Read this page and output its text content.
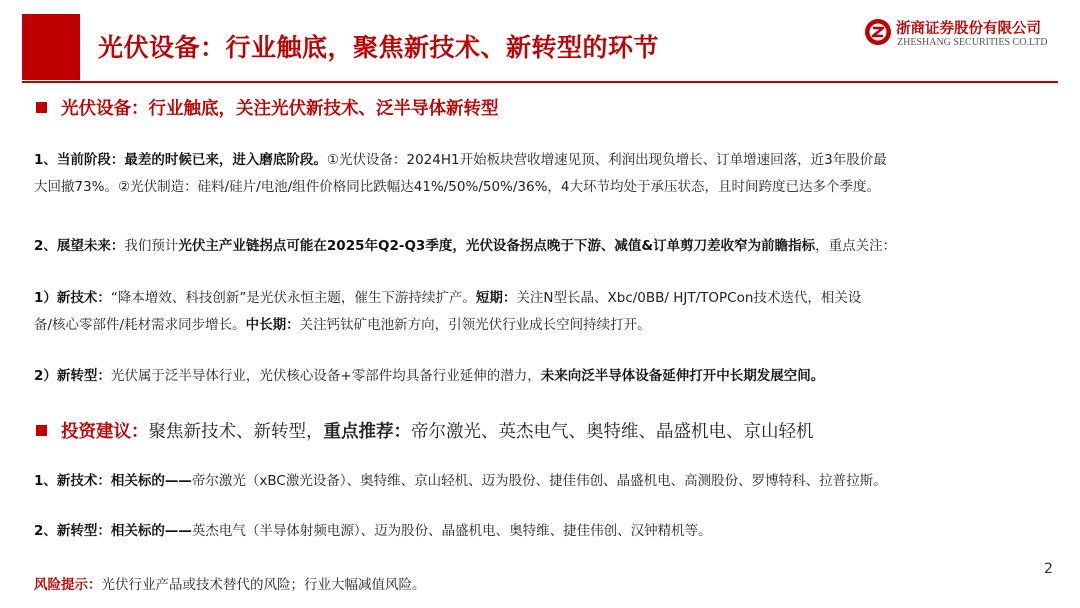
光伏设备：行业触底，聚焦新技术、新转型的环节
浙商证券股份有限公司
ZHESHANG SECURITIES CO.LTD
光伏设备：行业触底，关注光伏新技术、泛半导体新转型
1、当前阶段：最差的时候已来，进入磨底阶段。①光伏设备：2024H1开始板块营收增速见顶、利润出现负增长、订单增速回落，近3年股价最
大回撤73%。②光伏制造：硅料/硅片/电池/组件价格同比跌幅达41%/50%/50%/36%，4大环节均处于承压状态，且时间跨度已达多个季度。
2、展望未来：我们预计光伏主产业链拐点可能在2025年Q2-Q3季度，光伏设备拐点晚于下游、减值&订单剪刀差收窄为前瞻指标，重点关注：
1）新技术：“降本增效、科技创新”是光伏永恒主题，催生下游持续扩产。短期：关注N型长晶、Xbc/0BB/ HJT/TOPCon技术迭代，相关设
备/核心零部件/耗材需求同步增长。中长期：关注钙钛矿电池新方向，引领光伏行业成长空间持续打开。
2）新转型：光伏属于泛半导体行业，光伏核心设备+零部件均具备行业延伸的潜力，未来向泛半导体设备延伸打开中长期发展空间。
投资建议：聚焦新技术、新转型，重点推荐：帝尔激光、英杰电气、奥特维、晶盛机电、京山轻机
1、新技术：相关标的——帝尔激光（xBC激光设备）、奥特维、京山轻机、迈为股份、捷佳伟创、晶盛机电、高测股份、罗博特科、拉普拉斯。
2、新转型：相关标的——英杰电气（半导体射频电源）、迈为股份、晶盛机电、奥特维、捷佳伟创、汉钟精机等。
风险提示：光伏行业产品或技术替代的风险；行业大幅减值风险。
2
